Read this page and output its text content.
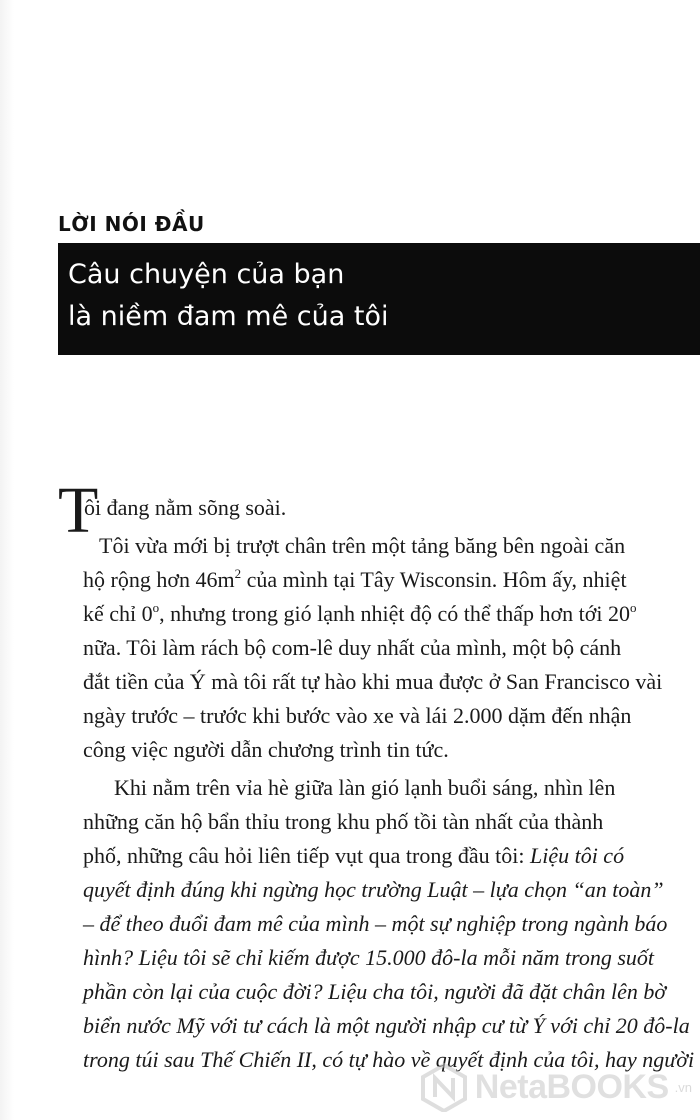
LỜI NÓI ĐẦU
Câu chuyện của bạn
là niềm đam mê của tôi
T
ôi đang nằm sõng soài.
Tôi vừa mới bị trượt chân trên một tảng băng bên ngoài căn
hộ rộng hơn $46m^2$ của mình tại Tây Wisconsin. Hôm ấy, nhiệt
kế chỉ 0$^o$, nhưng trong gió lạnh nhiệt độ có thể thấp hơn tới 20$^o$
nữa. Tôi làm rách bộ com-lê duy nhất của mình, một bộ cánh
đắt tiền của Ý mà tôi rất tự hào khi mua được ở San Francisco vài
ngày trước – trước khi bước vào xe và lái 2.000 dặm đến nhận
công việc người dẫn chương trình tin tức.
Khi nằm trên vỉa hè giữa làn gió lạnh buổi sáng, nhìn lên
những căn hộ bẩn thỉu trong khu phố tồi tàn nhất của thành
phố, những câu hỏi liên tiếp vụt qua trong đầu tôi: Liệu tôi có
quyết định đúng khi ngừng học trường Luật – lựa chọn “an toàn”
– để theo đuổi đam mê của mình – một sự nghiệp trong ngành báo
hình? Liệu tôi sẽ chỉ kiếm được 15.000 đô-la mỗi năm trong suốt
phần còn lại của cuộc đời? Liệu cha tôi, người đã đặt chân lên bờ
biển nước Mỹ với tư cách là một người nhập cư từ Ý với chỉ 20 đô-la
trong túi sau Thế Chiến II, có tự hào về quyết định của tôi, hay người
NetaBOOKS .vn
